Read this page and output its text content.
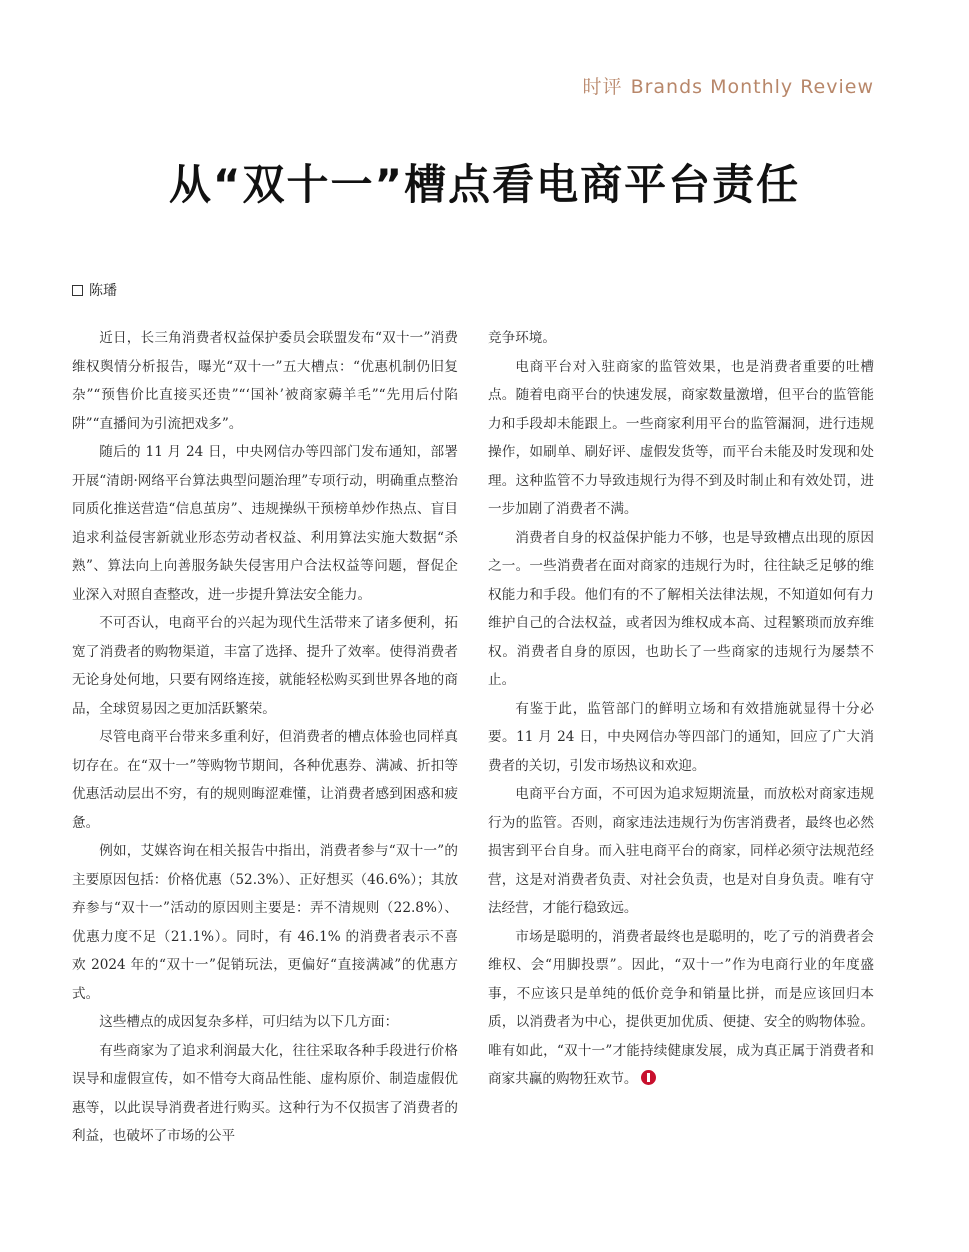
时评 Brands Monthly Review
从“双十一”槽点看电商平台责任
陈璠

近日，长三角消费者权益保护委员会联盟发布“双十一”消费维权舆情分析报告，曝光“双十一”五大槽点：“优惠机制仍旧复杂”“预售价比直接买还贵”“‘国补’被商家薅羊毛”“先用后付陷阱”“直播间为引流把戏多”。

随后的 11 月 24 日，中央网信办等四部门发布通知，部署开展“清朗·网络平台算法典型问题治理”专项行动，明确重点整治同质化推送营造“信息茧房”、违规操纵干预榜单炒作热点、盲目追求利益侵害新就业形态劳动者权益、利用算法实施大数据“杀熟”、算法向上向善服务缺失侵害用户合法权益等问题，督促企业深入对照自查整改，进一步提升算法安全能力。

不可否认，电商平台的兴起为现代生活带来了诸多便利，拓宽了消费者的购物渠道，丰富了选择、提升了效率。使得消费者无论身处何地，只要有网络连接，就能轻松购买到世界各地的商品，全球贸易因之更加活跃繁荣。

尽管电商平台带来多重利好，但消费者的槽点体验也同样真切存在。在“双十一”等购物节期间，各种优惠券、满减、折扣等优惠活动层出不穷，有的规则晦涩难懂，让消费者感到困惑和疲惫。

例如，艾媒咨询在相关报告中指出，消费者参与“双十一”的主要原因包括：价格优惠（52.3%）、正好想买（46.6%）；其放弃参与“双十一”活动的原因则主要是：弄不清规则（22.8%）、优惠力度不足（21.1%）。同时，有 46.1% 的消费者表示不喜欢 2024 年的“双十一”促销玩法，更偏好“直接满减”的优惠方式。

这些槽点的成因复杂多样，可归结为以下几方面：

有些商家为了追求利润最大化，往往采取各种手段进行价格误导和虚假宣传，如不惜夸大商品性能、虚构原价、制造虚假优惠等，以此误导消费者进行购买。这种行为不仅损害了消费者的利益，也破坏了市场的公平

竞争环境。

电商平台对入驻商家的监管效果，也是消费者重要的吐槽点。随着电商平台的快速发展，商家数量激增，但平台的监管能力和手段却未能跟上。一些商家利用平台的监管漏洞，进行违规操作，如刷单、刷好评、虚假发货等，而平台未能及时发现和处理。这种监管不力导致违规行为得不到及时制止和有效处罚，进一步加剧了消费者不满。

消费者自身的权益保护能力不够，也是导致槽点出现的原因之一。一些消费者在面对商家的违规行为时，往往缺乏足够的维权能力和手段。他们有的不了解相关法律法规，不知道如何有力维护自己的合法权益，或者因为维权成本高、过程繁琐而放弃维权。消费者自身的原因，也助长了一些商家的违规行为屡禁不止。

有鉴于此，监管部门的鲜明立场和有效措施就显得十分必要。11 月 24 日，中央网信办等四部门的通知，回应了广大消费者的关切，引发市场热议和欢迎。

电商平台方面，不可因为追求短期流量，而放松对商家违规行为的监管。否则，商家违法违规行为伤害消费者，最终也必然损害到平台自身。而入驻电商平台的商家，同样必须守法规范经营，这是对消费者负责、对社会负责，也是对自身负责。唯有守法经营，才能行稳致远。

市场是聪明的，消费者最终也是聪明的，吃了亏的消费者会维权、会“用脚投票”。因此，“双十一”作为电商行业的年度盛事，不应该只是单纯的低价竞争和销量比拼，而是应该回归本质，以消费者为中心，提供更加优质、便捷、安全的购物体验。唯有如此，“双十一”才能持续健康发展，成为真正属于消费者和商家共赢的购物狂欢节。
